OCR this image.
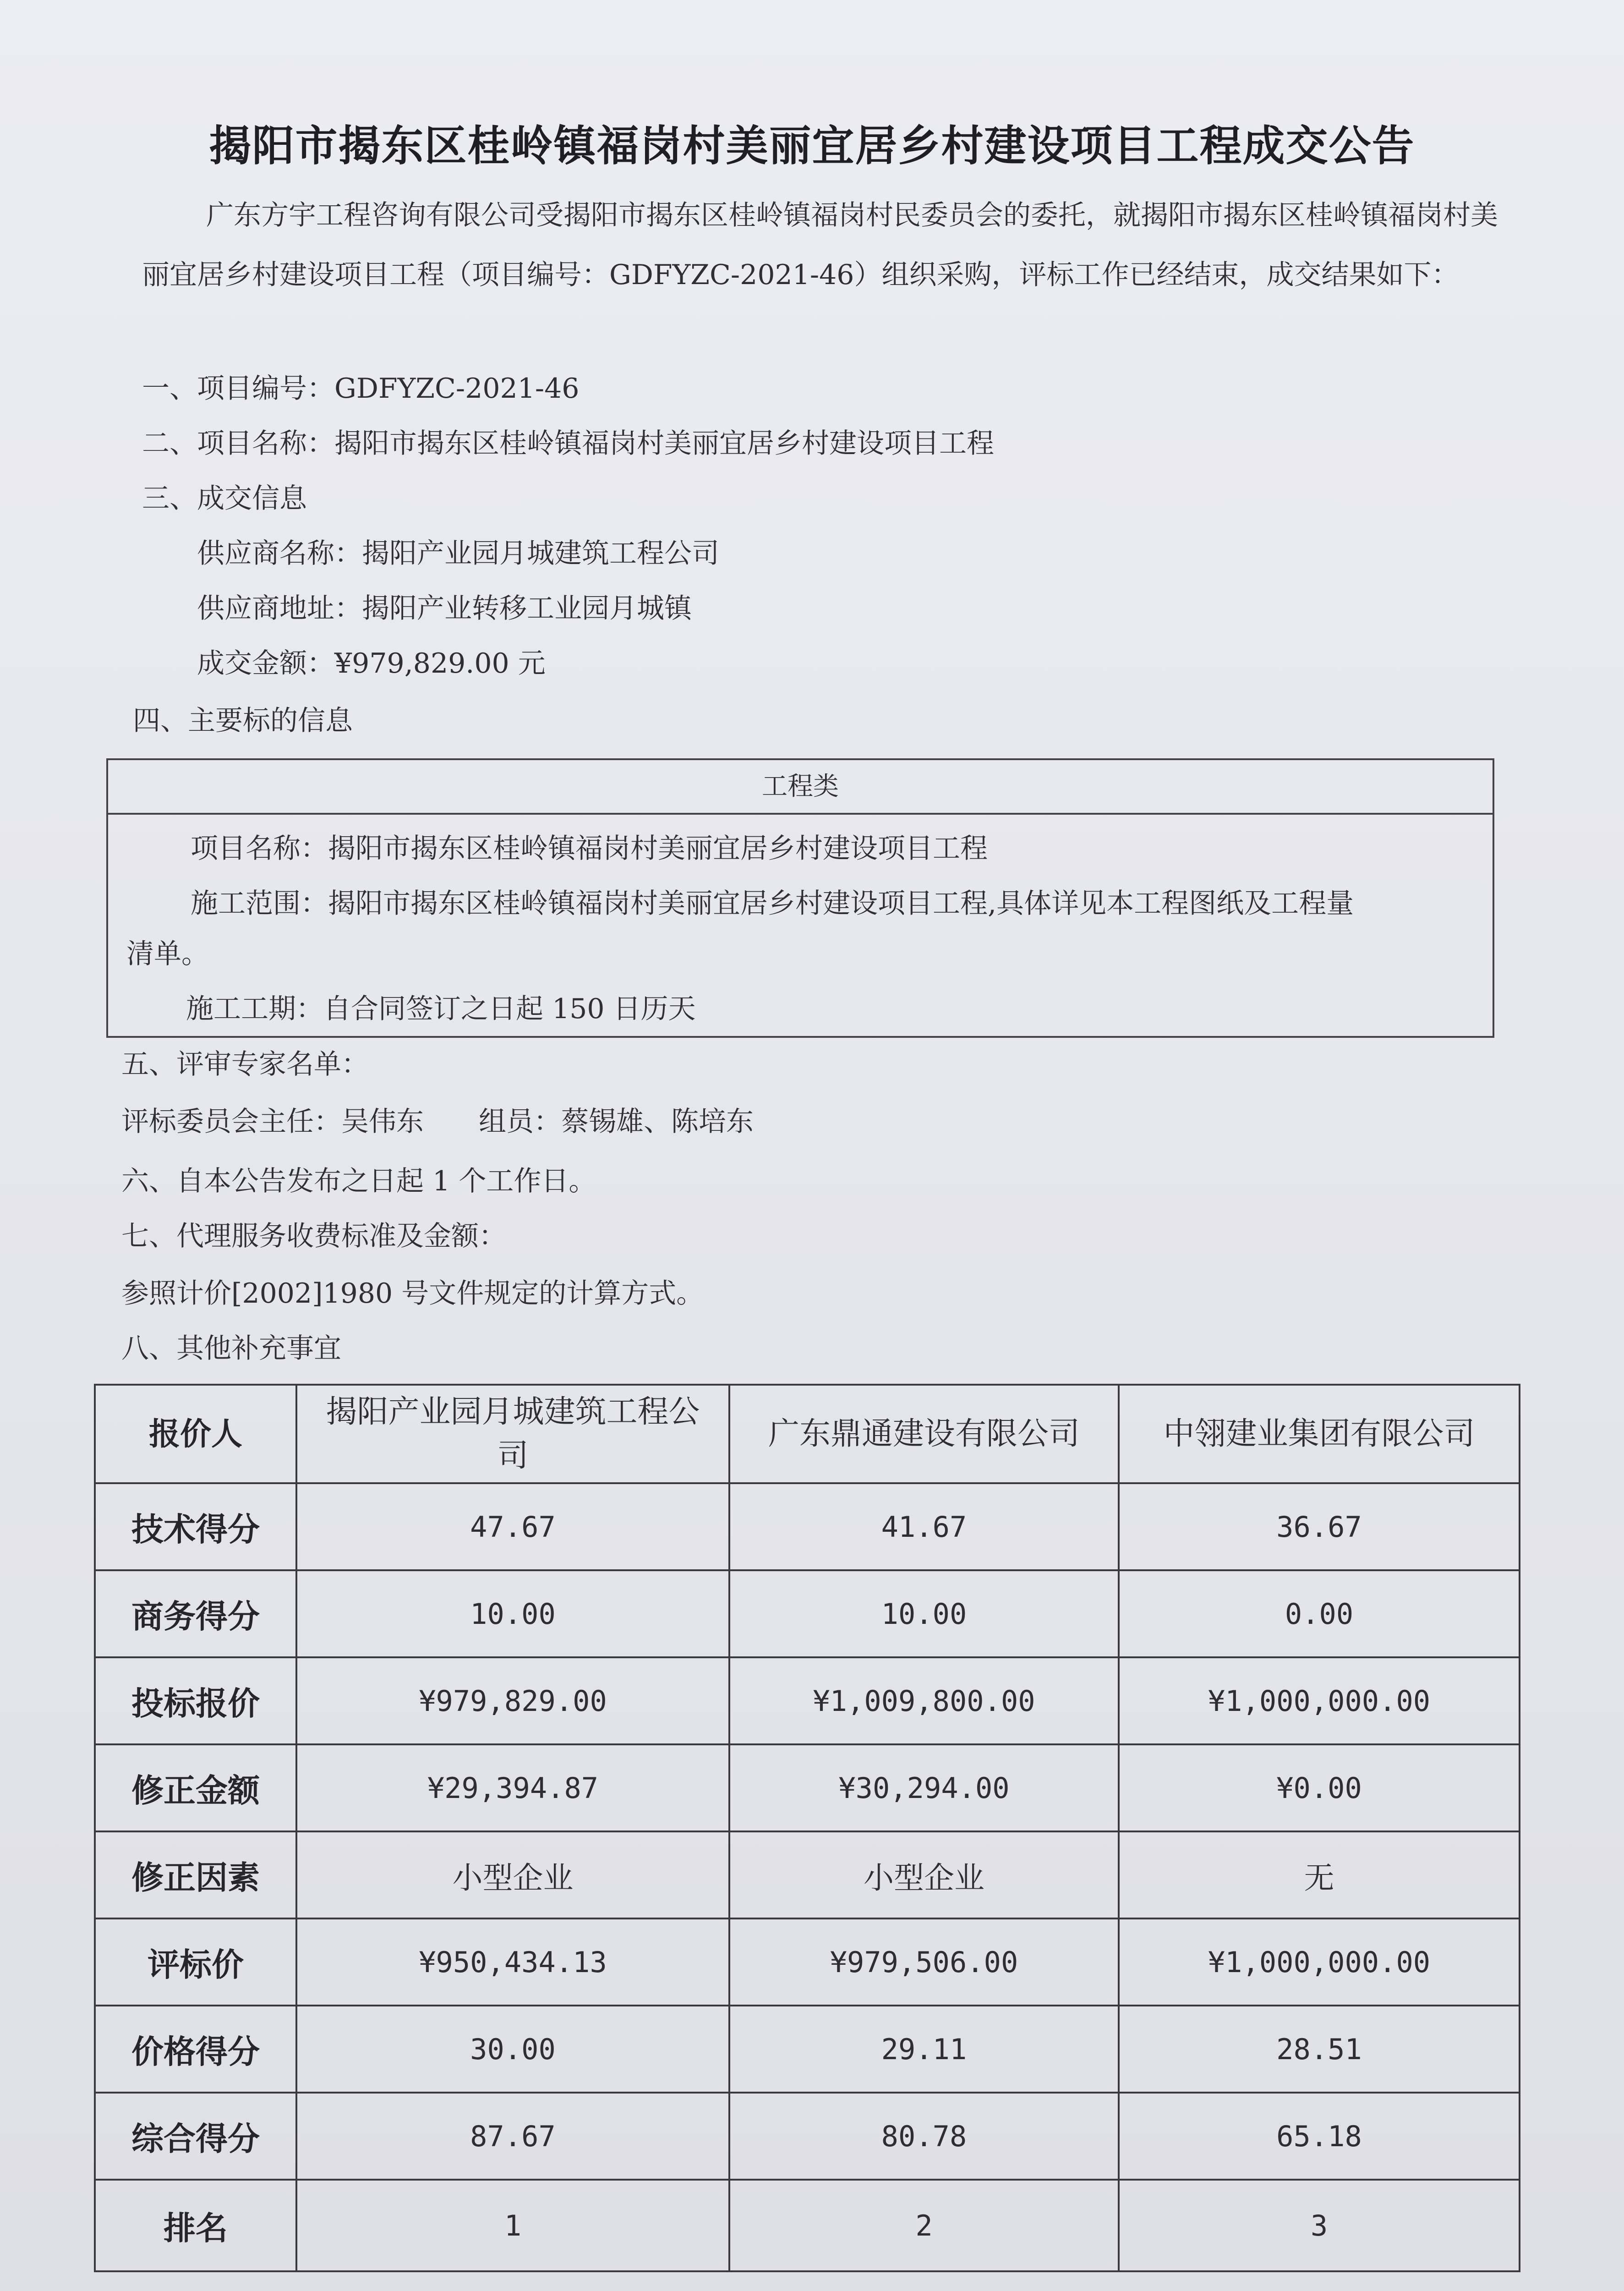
揭阳市揭东区桂岭镇福岗村美丽宜居乡村建设项目工程成交公告
广东方宇工程咨询有限公司受揭阳市揭东区桂岭镇福岗村民委员会的委托，就揭阳市揭东区桂岭镇福岗村美丽宜居乡村建设项目工程（项目编号：GDFYZC-2021-46）组织采购，评标工作已经结束，成交结果如下：
一、项目编号：GDFYZC-2021-46
二、项目名称：揭阳市揭东区桂岭镇福岗村美丽宜居乡村建设项目工程
三、成交信息
供应商名称：揭阳产业园月城建筑工程公司
供应商地址：揭阳产业转移工业园月城镇
成交金额：¥979,829.00 元
四、主要标的信息
工程类
项目名称：揭阳市揭东区桂岭镇福岗村美丽宜居乡村建设项目工程
施工范围：揭阳市揭东区桂岭镇福岗村美丽宜居乡村建设项目工程,具体详见本工程图纸及工程量
清单。
施工工期：自合同签订之日起 150 日历天
五、评审专家名单：
评标委员会主任：吴伟东　　组员：蔡锡雄、陈培东
六、自本公告发布之日起 1 个工作日。
七、代理服务收费标准及金额：
参照计价[2002]1980 号文件规定的计算方式。
八、其他补充事宜
报价人	揭阳产业园月城建筑工程公司	广东鼎通建设有限公司	中翎建业集团有限公司
技术得分	47.67	41.67	36.67
商务得分	10.00	10.00	0.00
投标报价	¥979,829.00	¥1,009,800.00	¥1,000,000.00
修正金额	¥29,394.87	¥30,294.00	¥0.00
修正因素	小型企业	小型企业	无
评标价	¥950,434.13	¥979,506.00	¥1,000,000.00
价格得分	30.00	29.11	28.51
综合得分	87.67	80.78	65.18
排名	1	2	3
